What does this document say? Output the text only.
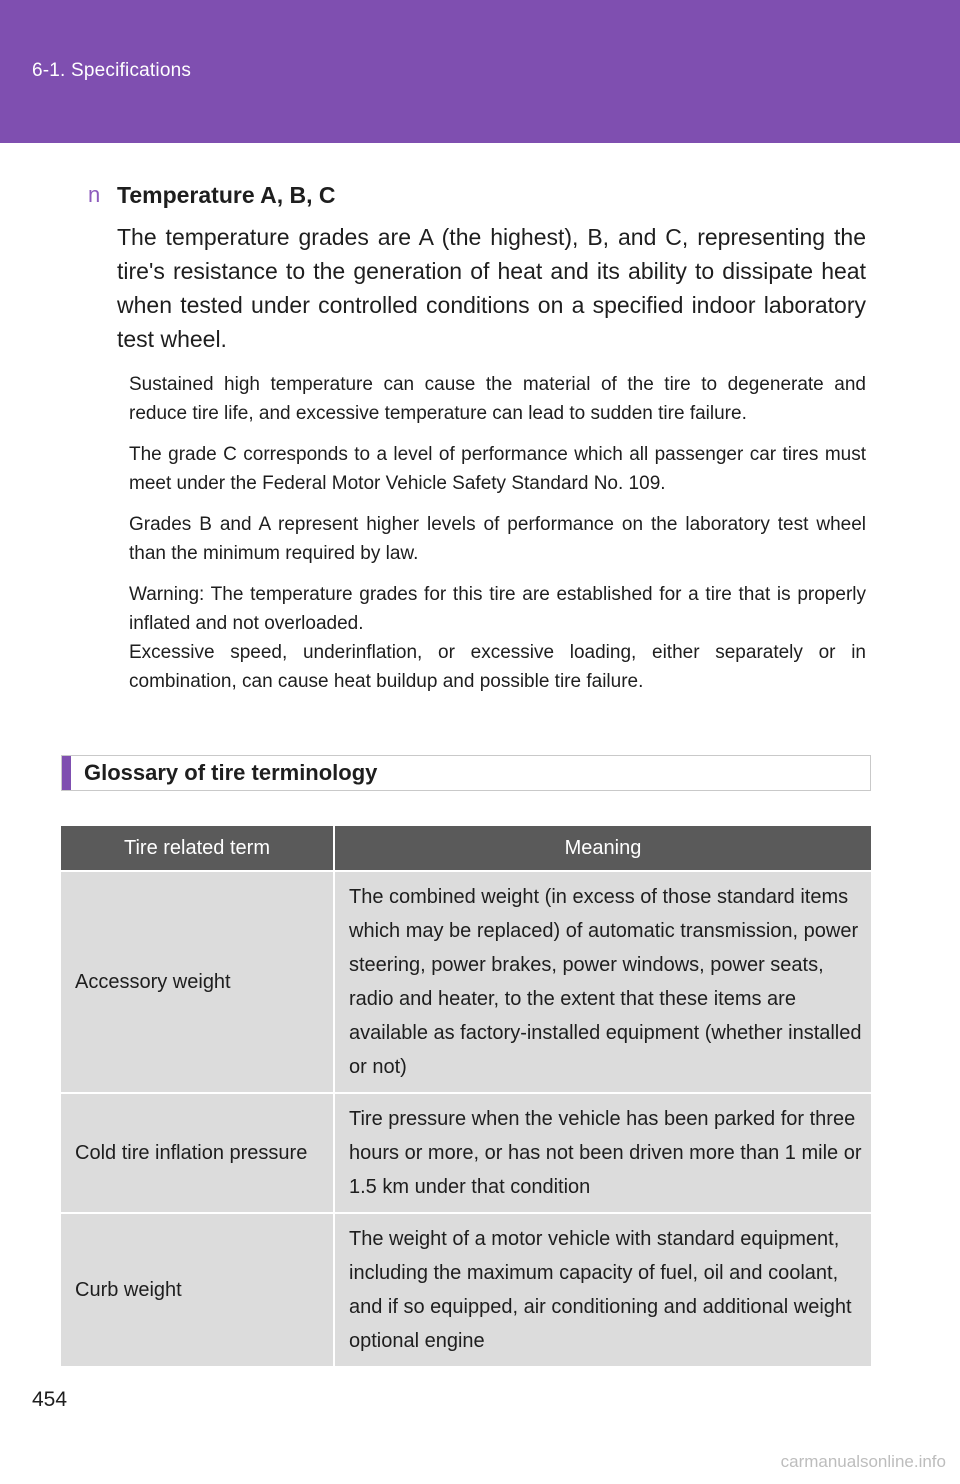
6-1. Specifications
n Temperature A, B, C
The temperature grades are A (the highest), B, and C, representing the tire's resistance to the generation of heat and its ability to dissipate heat when tested under controlled conditions on a specified indoor laboratory test wheel.
Sustained high temperature can cause the material of the tire to degenerate and reduce tire life, and excessive temperature can lead to sudden tire failure.
The grade C corresponds to a level of performance which all passenger car tires must meet under the Federal Motor Vehicle Safety Standard No. 109.
Grades B and A represent higher levels of performance on the laboratory test wheel than the minimum required by law.
Warning: The temperature grades for this tire are established for a tire that is properly inflated and not overloaded.
Excessive speed, underinflation, or excessive loading, either separately or in combination, can cause heat buildup and possible tire failure.
Glossary of tire terminology
Tire related term	Meaning
Accessory weight	The combined weight (in excess of those standard items which may be replaced) of automatic transmission, power steering, power brakes, power windows, power seats, radio and heater, to the extent that these items are available as factory-installed equipment (whether installed or not)
Cold tire inflation pressure	Tire pressure when the vehicle has been parked for three hours or more, or has not been driven more than 1 mile or 1.5 km under that condition
Curb weight	The weight of a motor vehicle with standard equipment, including the maximum capacity of fuel, oil and coolant, and if so equipped, air conditioning and additional weight optional engine
454
carmanualsonline.info
